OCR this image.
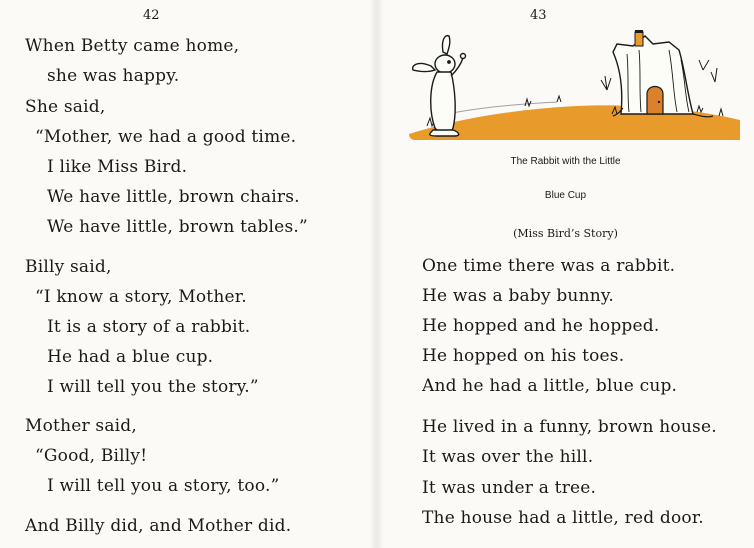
42
When Betty came home,
she was happy.
She said,
“Mother, we had a good time.
I like Miss Bird.
We have little, brown chairs.
We have little, brown tables.”
Billy said,
“I know a story, Mother.
It is a story of a rabbit.
He had a blue cup.
I will tell you the story.”
Mother said,
“Good, Billy!
I will tell you a story, too.”
And Billy did, and Mother did.
43
The Rabbit with the Little
Blue Cup
(Miss Bird’s Story)
One time there was a rabbit.
He was a baby bunny.
He hopped and he hopped.
He hopped on his toes.
And he had a little, blue cup.
He lived in a funny, brown house.
It was over the hill.
It was under a tree.
The house had a little, red door.
